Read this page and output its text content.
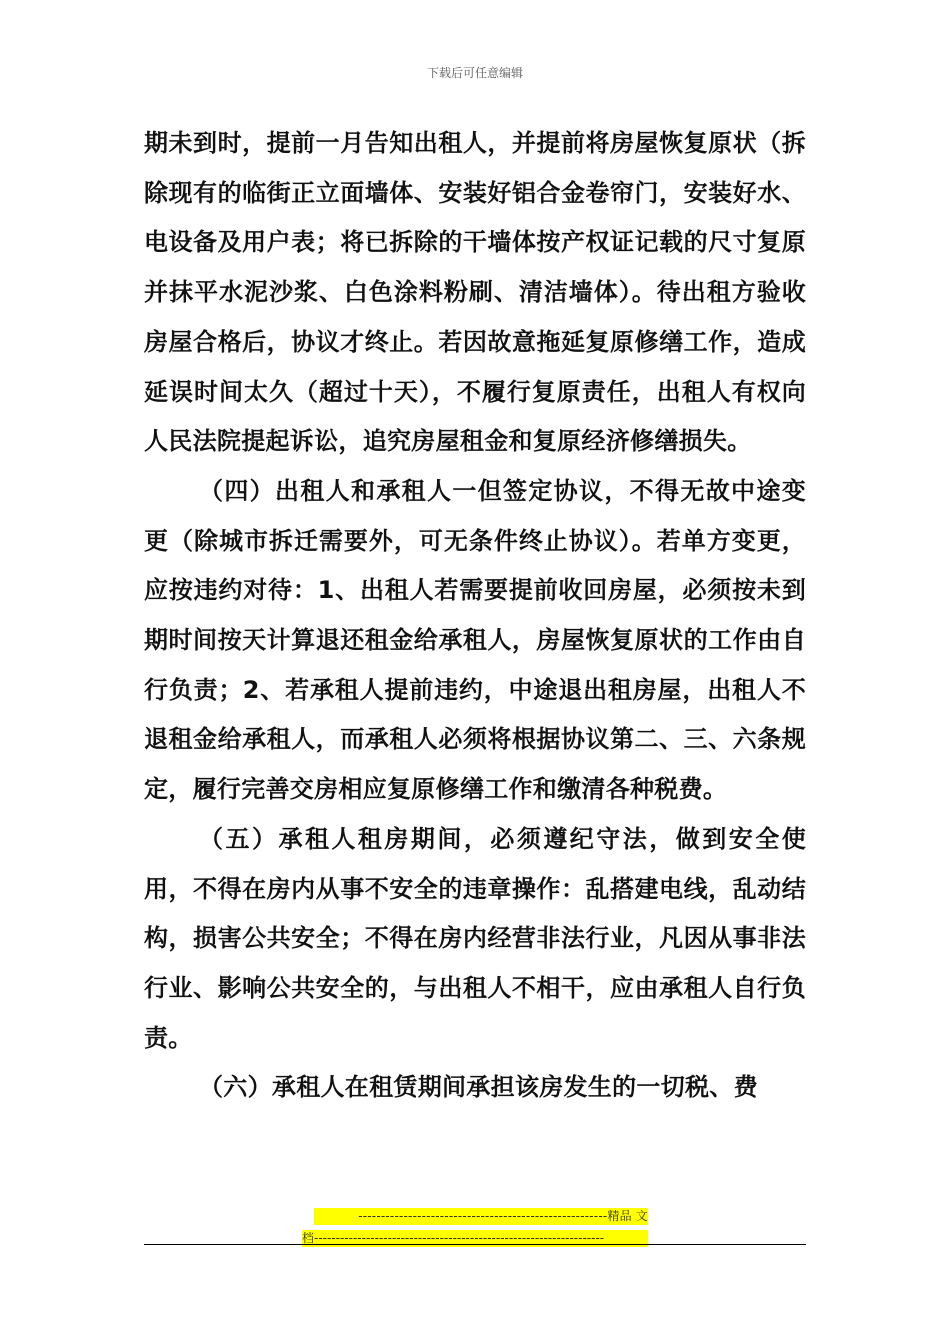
下载后可任意编辑

期未到时，提前一月告知出租人，并提前将房屋恢复原状（拆除现有的临街正立面墙体、安装好铝合金卷帘门，安装好水、电设备及用户表；将已拆除的干墙体按产权证记载的尺寸复原并抹平水泥沙浆、白色涂料粉刷、清洁墙体）。待出租方验收房屋合格后，协议才终止。若因故意拖延复原修缮工作，造成延误时间太久（超过十天），不履行复原责任，出租人有权向人民法院提起诉讼，追究房屋租金和复原经济修缮损失。

（四）出租人和承租人一但签定协议，不得无故中途变更（除城市拆迁需要外，可无条件终止协议）。若单方变更，应按违约对待：1、出租人若需要提前收回房屋，必须按未到期时间按天计算退还租金给承租人，房屋恢复原状的工作由自行负责；2、若承租人提前违约，中途退出租房屋，出租人不退租金给承租人，而承租人必须将根据协议第二、三、六条规定，履行完善交房相应复原修缮工作和缴清各种税费。

（五）承租人租房期间，必须遵纪守法，做到安全使用，不得在房内从事不安全的违章操作：乱搭建电线，乱动结构，损害公共安全；不得在房内经营非法行业，凡因从事非法行业、影响公共安全的，与出租人不相干，应由承租人自行负责。

（六）承租人在租赁期间承担该房发生的一切税、费

-------------------------------------------------------精品 文
档-------------------------------------------------------------------
